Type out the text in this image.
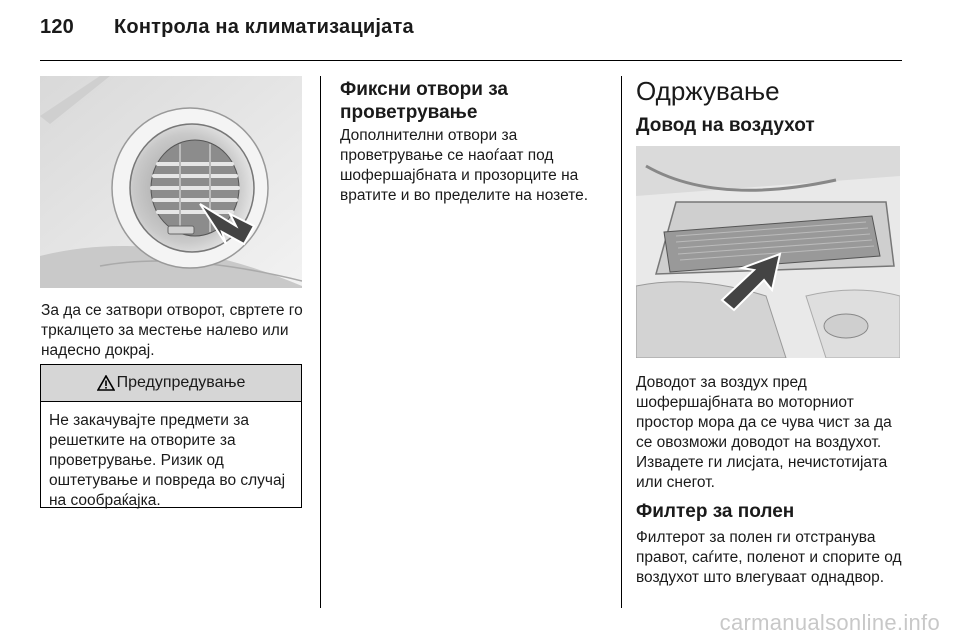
120 Контрола на климатизацијата
За да се затвори отворот, свртете го тркалцето за местење налево или надесно докрај.
Предупредување
Не закачувајте предмети за решетките на отворите за проветрување. Ризик од оштетување и повреда во случај на сообраќајка.
Фиксни отвори за проветрување
Дополнителни отвори за проветрување се наоѓаат под шофершајбната и прозорците на вратите и во пределите на нозете.
Одржување
Довод на воздухот
Доводот за воздух пред шофершајбната во моторниот простор мора да се чува чист за да се овозможи доводот на воздухот. Извадете ги лисјата, нечистотијата или снегот.
Филтер за полен
Филтерот за полен ги отстранува правот, саѓите, поленот и спорите од воздухот што влегуваат однадвор.
carmanualsonline.info
